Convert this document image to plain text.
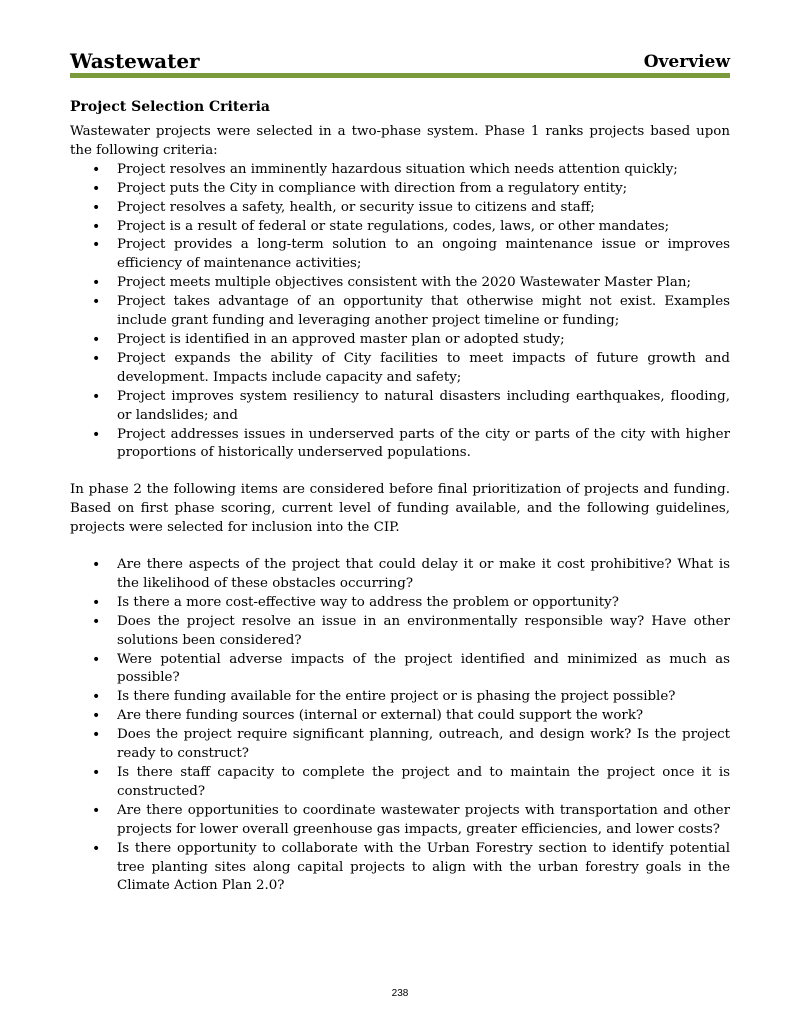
Wastewater	Overview
Project Selection Criteria

Wastewater projects were selected in a two-phase system. Phase 1 ranks projects based upon the following criteria:

• Project resolves an imminently hazardous situation which needs attention quickly;
• Project puts the City in compliance with direction from a regulatory entity;
• Project resolves a safety, health, or security issue to citizens and staff;
• Project is a result of federal or state regulations, codes, laws, or other mandates;
• Project provides a long-term solution to an ongoing maintenance issue or improves efficiency of maintenance activities;
• Project meets multiple objectives consistent with the 2020 Wastewater Master Plan;
• Project takes advantage of an opportunity that otherwise might not exist. Examples include grant funding and leveraging another project timeline or funding;
• Project is identified in an approved master plan or adopted study;
• Project expands the ability of City facilities to meet impacts of future growth and development. Impacts include capacity and safety;
• Project improves system resiliency to natural disasters including earthquakes, flooding, or landslides; and
• Project addresses issues in underserved parts of the city or parts of the city with higher proportions of historically underserved populations.

In phase 2 the following items are considered before final prioritization of projects and funding. Based on first phase scoring, current level of funding available, and the following guidelines, projects were selected for inclusion into the CIP.

• Are there aspects of the project that could delay it or make it cost prohibitive? What is the likelihood of these obstacles occurring?
• Is there a more cost-effective way to address the problem or opportunity?
• Does the project resolve an issue in an environmentally responsible way? Have other solutions been considered?
• Were potential adverse impacts of the project identified and minimized as much as possible?
• Is there funding available for the entire project or is phasing the project possible?
• Are there funding sources (internal or external) that could support the work?
• Does the project require significant planning, outreach, and design work? Is the project ready to construct?
• Is there staff capacity to complete the project and to maintain the project once it is constructed?
• Are there opportunities to coordinate wastewater projects with transportation and other projects for lower overall greenhouse gas impacts, greater efficiencies, and lower costs?
• Is there opportunity to collaborate with the Urban Forestry section to identify potential tree planting sites along capital projects to align with the urban forestry goals in the Climate Action Plan 2.0?
238
